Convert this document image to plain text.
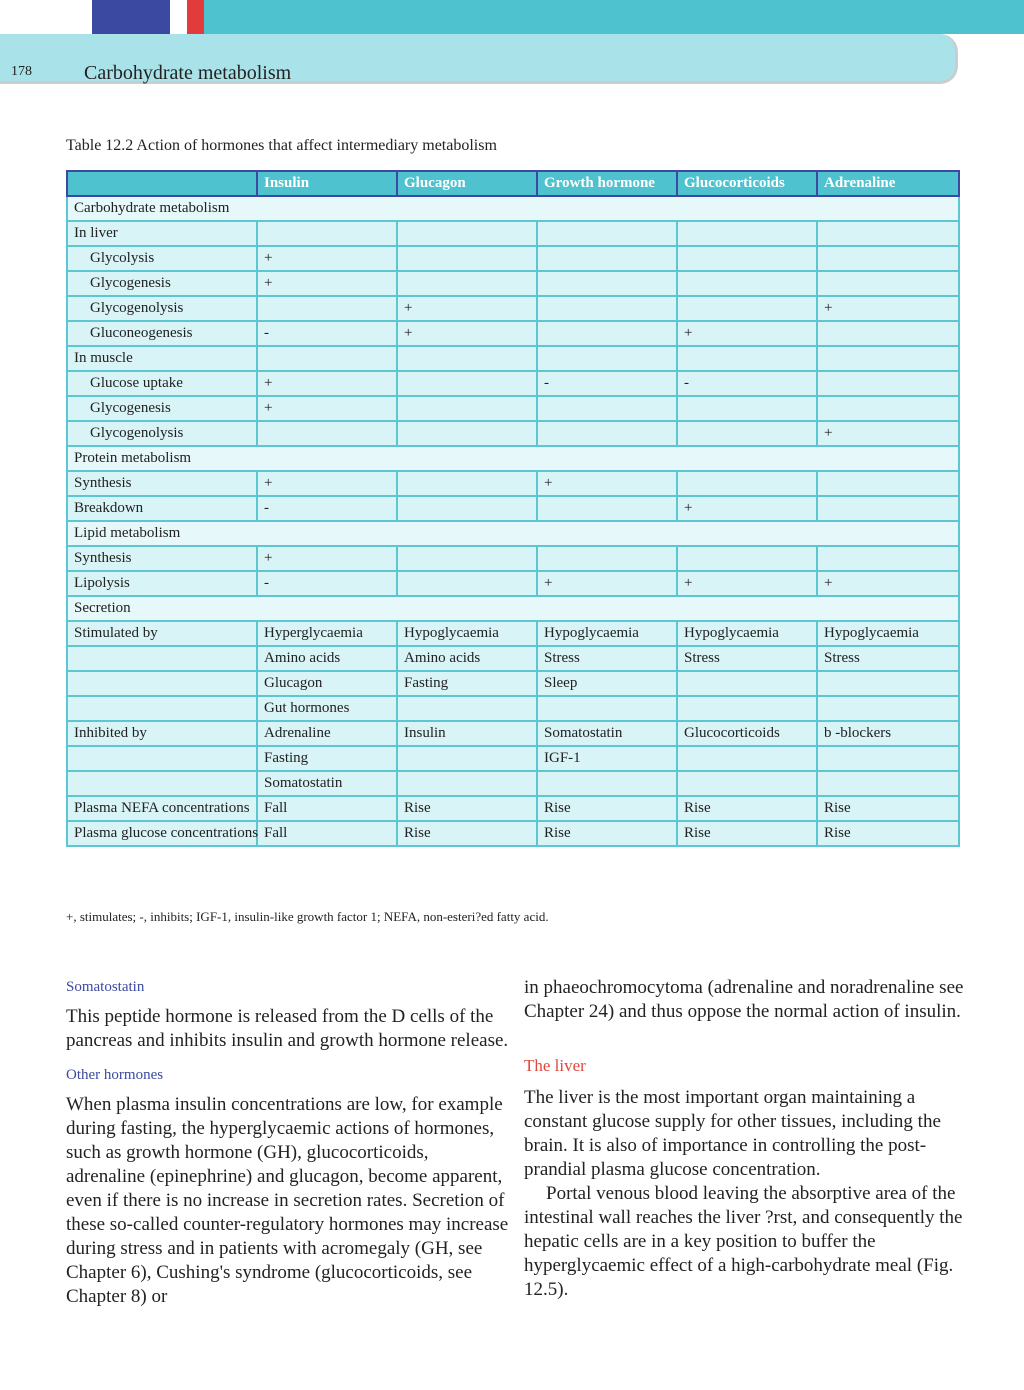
178	Carbohydrate metabolism
Table 12.2 Action of hormones that affect intermediary metabolism
	Insulin	Glucagon	Growth hormone	Glucocorticoids	Adrenaline
Carbohydrate metabolism					
In liver					
Glycolysis	+				
Glycogenesis	+				
Glycogenolysis		+			+
Gluconeogenesis	-	+		+	
In muscle					
Glucose uptake	+		-	-	
Glycogenesis	+				
Glycogenolysis					+
Protein metabolism					
Synthesis	+		+		
Breakdown	-			+	
Lipid metabolism					
Synthesis	+				
Lipolysis	-		+	+	+
Secretion					
Stimulated by	Hyperglycaemia	Hypoglycaemia	Hypoglycaemia	Hypoglycaemia	Hypoglycaemia
	Amino acids	Amino acids	Stress	Stress	Stress
	Glucagon	Fasting	Sleep		
	Gut hormones				
Inhibited by	Adrenaline	Insulin	Somatostatin	Glucocorticoids	b -blockers
	Fasting		IGF-1		
	Somatostatin				
Plasma NEFA concentrations	Fall	Rise	Rise	Rise	Rise
Plasma glucose concentrations	Fall	Rise	Rise	Rise	Rise
+, stimulates; -, inhibits; IGF-1, insulin-like growth factor 1; NEFA, non-esteri?ed fatty acid.

Somatostatin

This peptide hormone is released from the D cells of the pancreas and inhibits insulin and growth hormone release.

Other hormones

When plasma insulin concentrations are low, for example during fasting, the hyperglycaemic actions of hormones, such as growth hormone (GH), glucocorticoids, adrenaline (epinephrine) and glucagon, become apparent, even if there is no increase in secretion rates. Secretion of these so-called counter-regulatory hormones may increase during stress and in patients with acromegaly (GH, see Chapter 6), Cushing's syndrome (glucocorticoids, see Chapter 8) or

in phaeochromocytoma (adrenaline and noradrenaline see Chapter 24) and thus oppose the normal action of insulin.

The liver

The liver is the most important organ maintaining a constant glucose supply for other tissues, including the brain. It is also of importance in controlling the post-prandial plasma glucose concentration.

Portal venous blood leaving the absorptive area of the intestinal wall reaches the liver ?rst, and consequently the hepatic cells are in a key position to buffer the hyperglycaemic effect of a high-carbohydrate meal (Fig. 12.5).
